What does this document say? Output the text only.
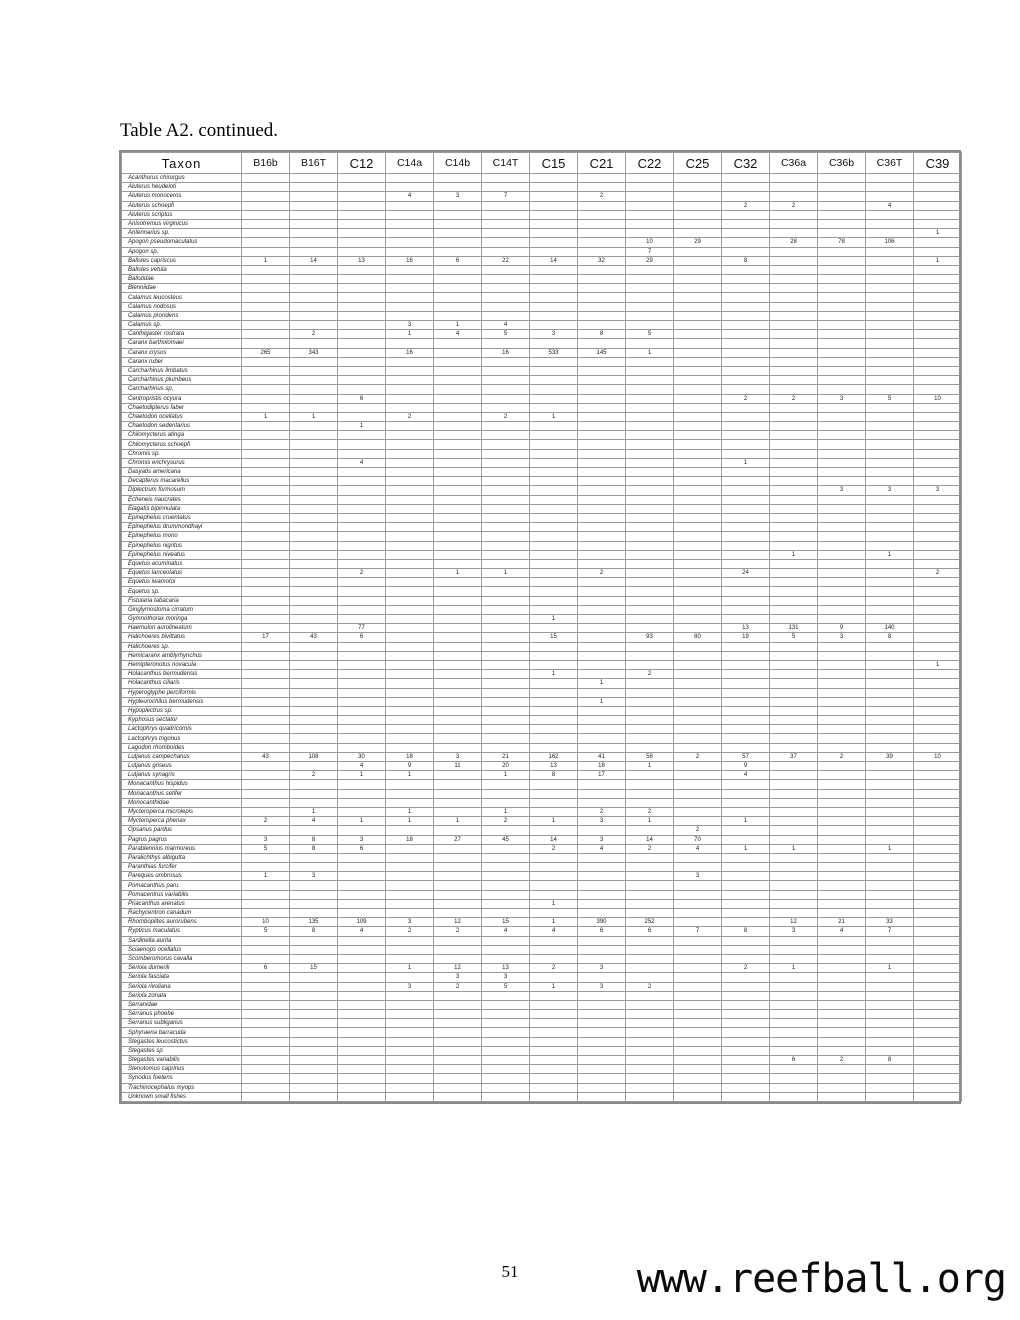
Table A2. continued.
Taxon	B16b	B16T	C12	C14a	C14b	C14T	C15	C21	C22	C25	C32	C36a	C36b	C36T	C39
Acanthurus chirurgus															
Aluterus heudeloti															
Aluterus monoceros				4	3	7		2							
Aluterus schoepfi											2	2		4	
Aluterus scriptus															
Anisotremus virginicus															
Antennarius sp.															1
Apogon pseudomaculatus									10	29		28	78	106	
Apogon sp.									7						
Balistes capriscus	1	14	13	16	6	22	14	32	29		8				1
Balistes vetula															
Balistidae															
Blenniidae															
Calamus leucosteus															
Calamus nodosus															
Calamus proridens															
Calamus sp.				3	1	4									
Canthigaster rostrata		2		1	4	5	3	8	5						
Caranx bartholomaei															
Caranx crysos	265	343		16		16	533	145	1						
Caranx ruber															
Carcharhinus limbatus															
Carcharhinus plumbeus															
Carcharhinus sp.															
Centropristis ocyura			6								2	2	3	5	10
Chaetodipterus faber															
Chaetodon ocellatus	1	1		2		2	1								
Chaetodon sedentarius			1												
Chilomycterus atinga															
Chilomycterus schoepfi															
Chromis sp.															
Chromis enchrysurus			4								1				
Dasyatis americana															
Decapterus macarellus															
Diplectrum formosum													3	3	3
Echeneis naucrates															
Elagatis bipinnulata															
Epinephelus cruentatus															
Epinephelus drummondhayi															
Epinephelus morio															
Epinephelus nigritus															
Epinephelus niveatus												1		1	
Equetus acuminatus															
Equetus lanceolatus			2		1	1		2			24				2
Equetus iwamotoi															
Equetus sp.															
Fistularia tabacaria															
Ginglymostoma cirratum															
Gymnothorax moringa							1								
Haemulon aurolineatum			77								13	131	9	140	
Halichoeres bivittatus	17	43	6				15		93	80	19	5	3	8	
Halichoeres sp.															
Hemicaranx amblyrhynchus															
Hemipteronotus novacula															1
Holacanthus bermudensis							1		2						
Holacanthus ciliaris								1							
Hyperoglyphe perciformis															
Hypleurochilus bermudensis								1							
Hypoplectrus sp.															
Kyphosus sectator															
Lactophrys quadricornis															
Lactophrys trigonus															
Lagodon rhomboides															
Lutjanus campechanus	43	108	30	18	3	21	162	41	58	2	57	37	2	39	10
Lutjanus griseus			4	9	11	20	13	18	1		9				
Lutjanus synagris		2	1	1		1	8	17			4				
Monacanthus hispidus															
Monacanthus setifer															
Monocanthidae															
Mycteroperca microlepis		1		1		1		2	2						
Mycteroperca phenax	2	4	1	1	1	2	1	3	1		1				
Opsanus pardus										2					
Pagrus pagrus	3	8	3	18	27	45	14	3	14	70					
Parablennius marmoreus	5	8	6				2	4	2	4	1	1		1	
Paralichthys albigutta															
Paranthias furcifer															
Pareques umbrosus	1	3								3					
Pomacanthus paru															
Pomacentrus variabilis															
Priacanthus arenatus							1								
Rachycentron canadum															
Rhomboplites aurorubens	10	135	109	3	12	15	1	390	252			12	21	33	
Rypticus maculatus	5	8	4	2	2	4	4	6	6	7	8	3	4	7	
Sardinella aurita															
Sciaenops ocellatus															
Scomberomorus cavalla															
Seriola dumerili	6	15		1	12	13	2	3			2	1		1	
Seriola fasciata					3	3									
Seriola rivoliana				3	2	5	1	3	2						
Seriola zonata															
Serranidae															
Serranus phoebe															
Serranus subligarius															
Sphyraena barracuda															
Stegastes leucostictus															
Stegastes sp															
Stegastes variabilis												6	2	8	
Stenotomus caprinus															
Synodus foetens															
Trachinocephalus myops															
Unknown small fishes															
51	www.reefball.org
